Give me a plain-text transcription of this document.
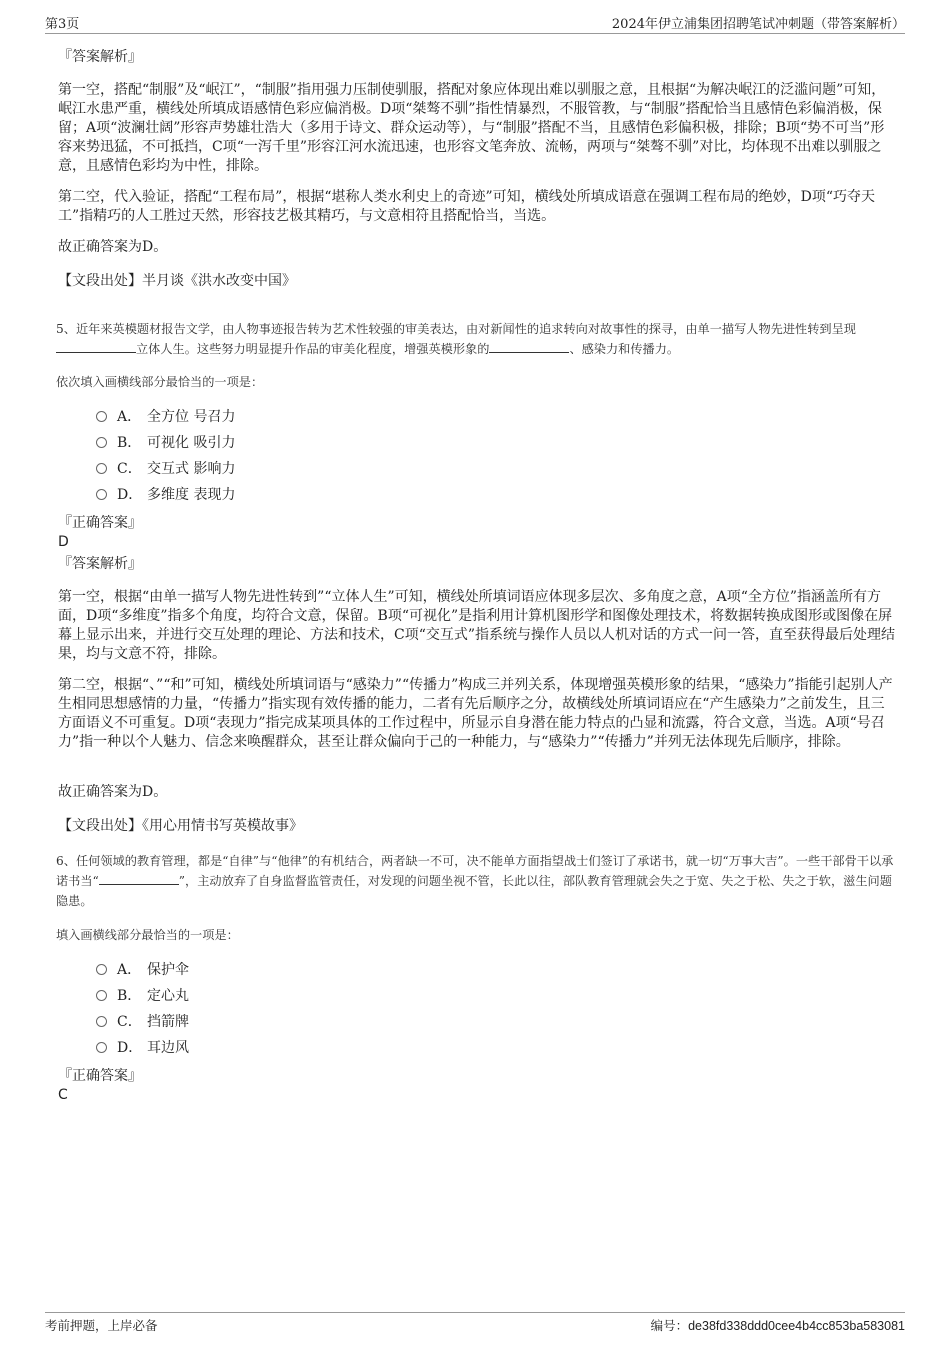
第3页	2024年伊立浦集团招聘笔试冲刺题（带答案解析）
『答案解析』

第一空，搭配“制服”及“岷江”，“制服”指用强力压制使驯服，搭配对象应体现出难以驯服之意，且根据“为解决岷江的泛滥问题”可知，岷江水患严重，横线处所填成语感情色彩应偏消极。D项“桀骜不驯”指性情暴烈，不服管教，与“制服”搭配恰当且感情色彩偏消极，保留；A项“波澜壮阔”形容声势雄壮浩大（多用于诗文、群众运动等），与“制服”搭配不当，且感情色彩偏积极，排除；B项“势不可当”形容来势迅猛，不可抵挡，C项“一泻千里”形容江河水流迅速，也形容文笔奔放、流畅，两项与“桀骜不驯”对比，均体现不出难以驯服之意，且感情色彩均为中性，排除。

第二空，代入验证，搭配“工程布局”，根据“堪称人类水利史上的奇迹”可知，横线处所填成语意在强调工程布局的绝妙，D项“巧夺天工”指精巧的人工胜过天然，形容技艺极其精巧，与文意相符且搭配恰当，当选。

故正确答案为D。

【文段出处】半月谈《洪水改变中国》

5、近年来英模题材报告文学，由人物事迹报告转为艺术性较强的审美表达，由对新闻性的追求转向对故事性的探寻，由单一描写人物先进性转到呈现立体人生。这些努力明显提升作品的审美化程度，增强英模形象的	、感染力和传播力。

依次填入画横线部分最恰当的一项是：

A． 全方位 号召力
B． 可视化 吸引力
C． 交互式 影响力
D． 多维度 表现力
『正确答案』
D
『答案解析』

第一空，根据“由单一描写人物先进性转到”“立体人生”可知，横线处所填词语应体现多层次、多角度之意，A项“全方位”指涵盖所有方面，D项“多维度”指多个角度，均符合文意，保留。B项“可视化”是指利用计算机图形学和图像处理技术，将数据转换成图形或图像在屏幕上显示出来，并进行交互处理的理论、方法和技术，C项“交互式”指系统与操作人员以人机对话的方式一问一答，直至获得最后处理结果，均与文意不符，排除。

第二空，根据“、”“和”可知，横线处所填词语与“感染力”“传播力”构成三并列关系，体现增强英模形象的结果，“感染力”指能引起别人产生相同思想感情的力量，“传播力”指实现有效传播的能力，二者有先后顺序之分，故横线处所填词语应在“产生感染力”之前发生，且三方面语义不可重复。D项“表现力”指完成某项具体的工作过程中，所显示自身潜在能力特点的凸显和流露，符合文意，当选。A项“号召力”指一种以个人魅力、信念来唤醒群众，甚至让群众偏向于己的一种能力，与“感染力”“传播力”并列无法体现先后顺序，排除。

故正确答案为D。

【文段出处】《用心用情书写英模故事》

6、任何领域的教育管理，都是“自律”与“他律”的有机结合，两者缺一不可，决不能单方面指望战士们签订了承诺书，就一切“万事大吉”。一些干部骨干以承诺书当“	”，主动放弃了自身监督监管责任，对发现的问题坐视不管，长此以往，部队教育管理就会失之于宽、失之于松、失之于软，滋生问题隐患。

填入画横线部分最恰当的一项是：

A． 保护伞
B． 定心丸
C． 挡箭牌
D． 耳边风
『正确答案』
C
考前押题，上岸必备	编号：de38fd338ddd0cee4b4cc853ba583081
